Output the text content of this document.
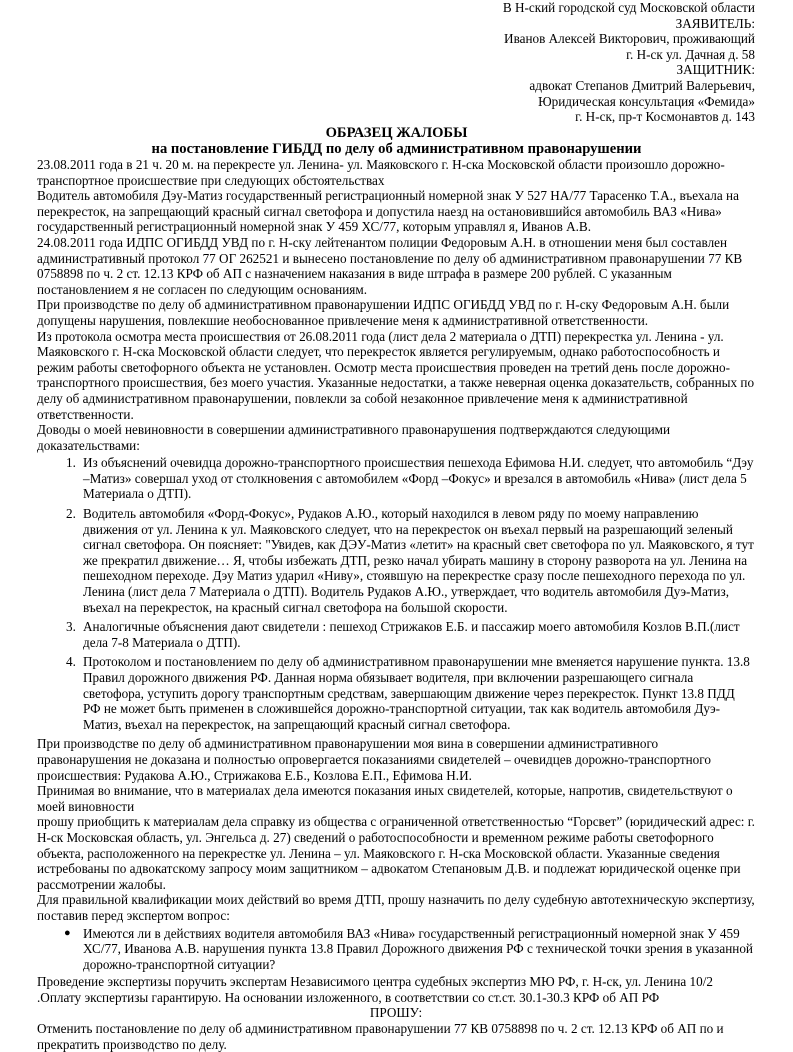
В Н-ский городской суд Московской области
ЗАЯВИТЕЛЬ:
Иванов Алексей Викторович, проживающий
г. Н-ск ул. Дачная д. 58
ЗАЩИТНИК:
адвокат Степанов Дмитрий Валерьевич,
Юридическая консультация «Фемида»
г. Н-ск, пр-т Космонавтов д. 143
ОБРАЗЕЦ ЖАЛОБЫ
на постановление ГИБДД по делу об административном правонарушении

23.08.2011 года в 21 ч. 20 м. на перекресте ул. Ленина- ул. Маяковского г. Н-ска Московской области произошло дорожно-транспортное происшествие при следующих обстоятельствах

Водитель автомобиля Дэу-Матиз государственный регистрационный номерной знак У 527 НА/77 Тарасенко Т.А., въехала на перекресток, на запрещающий красный сигнал светофора и допустила наезд на остановившийся автомобиль ВАЗ «Нива» государственный регистрационный номерной знак У 459 ХС/77, которым управлял я, Иванов А.В.

24.08.2011 года ИДПС ОГИБДД УВД по г. Н-ску лейтенантом полиции Федоровым А.Н. в отношении меня был составлен административный протокол 77 ОГ 262521 и вынесено постановление по делу об административном правонарушении 77 КВ 0758898 по ч. 2 ст. 12.13 КРФ об АП с назначением наказания в виде штрафа в размере 200 рублей. С указанным постановлением я не согласен по следующим основаниям.

При производстве по делу об административном правонарушении ИДПС ОГИБДД УВД по г. Н-ску Федоровым А.Н. были допущены нарушения, повлекшие необоснованное привлечение меня к административной ответственности.

Из протокола осмотра места происшествия от 26.08.2011 года (лист дела 2 материала о ДТП) перекрестка ул. Ленина - ул. Маяковского г. Н-ска Московской области следует, что перекресток является регулируемым, однако работоспособность и режим работы светофорного объекта не установлен. Осмотр места происшествия проведен на третий день после дорожно-транспортного происшествия, без моего участия. Указанные недостатки, а также неверная оценка доказательств, собранных по делу об административном правонарушении, повлекли за собой незаконное привлечение меня к административной ответственности.

Доводы о моей невиновности в совершении административного правонарушения подтверждаются следующими доказательствами:

1. Из объяснений очевидца дорожно-транспортного происшествия пешехода Ефимова Н.И. следует, что автомобиль “Дэу –Матиз» совершал уход от столкновения с автомобилем «Форд –Фокус» и врезался в автомобиль «Нива» (лист дела 5 Материала о ДТП).
2. Водитель автомобиля «Форд-Фокус», Рудаков А.Ю., который находился в левом ряду по моему направлению движения от ул. Ленина к ул. Маяковского следует, что на перекресток он въехал первый на разрешающий зеленый сигнал светофора. Он поясняет: "Увидев, как ДЭУ-Матиз «летит» на красный свет светофора по ул. Маяковского, я тут же прекратил движение… Я, чтобы избежать ДТП, резко начал убирать машину в сторону разворота на ул. Ленина на пешеходном переходе. Дэу Матиз ударил «Ниву», стоявшую на перекрестке сразу после пешеходного перехода по ул. Ленина (лист дела 7 Материала о ДТП). Водитель Рудаков А.Ю., утверждает, что водитель автомобиля Дуэ-Матиз, въехал на перекресток, на красный сигнал светофора на большой скорости.
3. Аналогичные объяснения дают свидетели : пешеход Стрижаков Е.Б. и пассажир моего автомобиля Козлов В.П.(лист дела 7-8 Материала о ДТП).
4. Протоколом и постановлением по делу об административном правонарушении мне вменяется нарушение пункта. 13.8 Правил дорожного движения РФ. Данная норма обязывает водителя, при включении разрешающего сигнала светофора, уступить дорогу транспортным средствам, завершающим движение через перекресток. Пункт 13.8 ПДД РФ не может быть применен в сложившейся дорожно-транспортной ситуации, так как водитель автомобиля Дуэ-Матиз, въехал на перекресток, на запрещающий красный сигнал светофора.

При производстве по делу об административном правонарушении моя вина в совершении административного правонарушения не доказана и полностью опровергается показаниями свидетелей – очевидцев дорожно-транспортного происшествия: Рудакова А.Ю., Стрижакова Е.Б., Козлова Е.П., Ефимова Н.И.

Принимая во внимание, что в материалах дела имеются показания иных свидетелей, которые, напротив, свидетельствуют о моей виновности

прошу приобщить к материалам дела справку из общества с ограниченной ответственностью “Горсвет” (юридический адрес: г. Н-ск Московская область, ул. Энгельса д. 27) сведений о работоспособности и временном режиме работы светофорного объекта, расположенного на перекрестке ул. Ленина – ул. Маяковского г. Н-ска Московской области. Указанные сведения истребованы по адвокатскому запросу моим защитником – адвокатом Степановым Д.В. и подлежат юридической оценке при рассмотрении жалобы.

Для правильной квалификации моих действий во время ДТП, прошу назначить по делу судебную автотехническую экспертизу, поставив перед экспертом вопрос:

● Имеются ли в действиях водителя автомобиля ВАЗ «Нива» государственный регистрационный номерной знак У 459 ХС/77, Иванова А.В. нарушения пункта 13.8 Правил Дорожного движения РФ с технической точки зрения в указанной дорожно-транспортной ситуации?

Проведение экспертизы поручить экспертам Независимого центра судебных экспертиз МЮ РФ, г. Н-ск, ул. Ленина 10/2 .Оплату экспертизы гарантирую. На основании изложенного, в соответствии со ст.ст. 30.1-30.3 КРФ об АП РФ

ПРОШУ:

Отменить постановление по делу об административном правонарушении 77 КВ 0758898 по ч. 2 ст. 12.13 КРФ об АП по и прекратить производство по делу.
